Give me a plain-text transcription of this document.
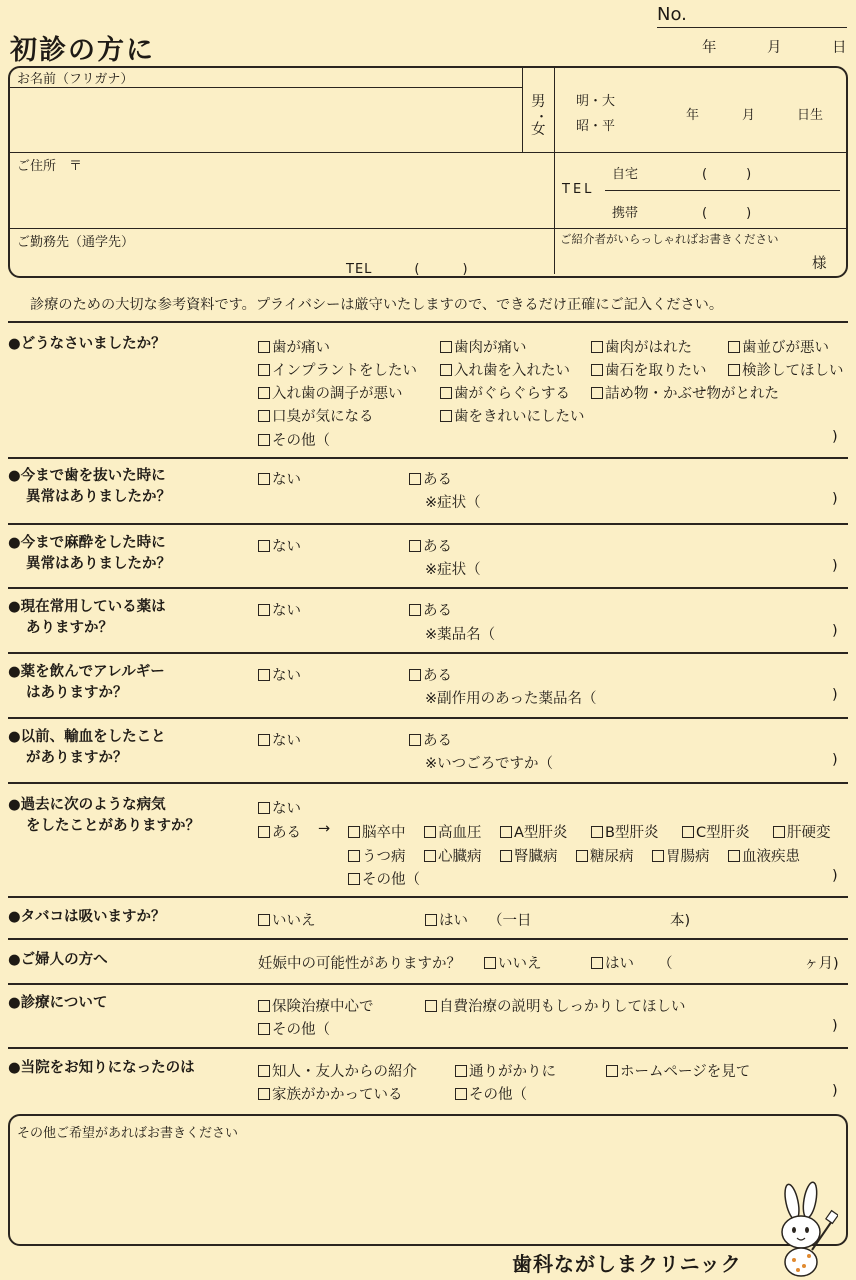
No.
初診の方に	年	月	日
お名前（フリガナ）
男
・
女
明・大
昭・平
年	月	日生
ご住所　〒
自宅	(　　　)
TEL
携帯	(　　　)
ご勤務先（通学先）
TEL　　　(　　　)
ご紹介者がいらっしゃればお書きください
様
診療のための大切な参考資料です。プライバシーは厳守いたしますので、できるだけ正確にご記入ください。
●どうなさいましたか？	歯が痛い	歯肉が痛い	歯肉がはれた	歯並びが悪い
インプラントをしたい	入れ歯を入れたい	歯石を取りたい	検診してほしい
入れ歯の調子が悪い	歯がぐらぐらする	詰め物・かぶせ物がとれた
口臭が気になる	歯をきれいにしたい
その他（	)
●今まで歯を抜いた時に
異常はありましたか？
ない	ある
※症状（	)
●今まで麻酔をした時に
異常はありましたか？
ない	ある
※症状（	)
●現在常用している薬は
ありますか？
ない	ある
※薬品名（	)
●薬を飲んでアレルギー
はありますか？
ない	ある
※副作用のあった薬品名（	)
●以前、輸血をしたこと
がありますか？
ない	ある
※いつごろですか（	)
●過去に次のような病気
をしたことがありますか？
ない
ある →	脳卒中	高血圧	A型肝炎	B型肝炎	C型肝炎	肝硬変
うつ病	心臓病	腎臓病	糖尿病	胃腸病	血液疾患
その他（	)
●タバコは吸いますか？	いいえ	はい （一日	本)
●ご婦人の方へ	妊娠中の可能性がありますか？	いいえ	はい （	ヶ月)
●診療について	保険治療中心で	自費治療の説明もしっかりしてほしい
その他（	)
●当院をお知りになったのは	知人・友人からの紹介	通りがかりに	ホームページを見て
家族がかかっている	その他（	)
その他ご希望があればお書きください
歯科ながしまクリニック
